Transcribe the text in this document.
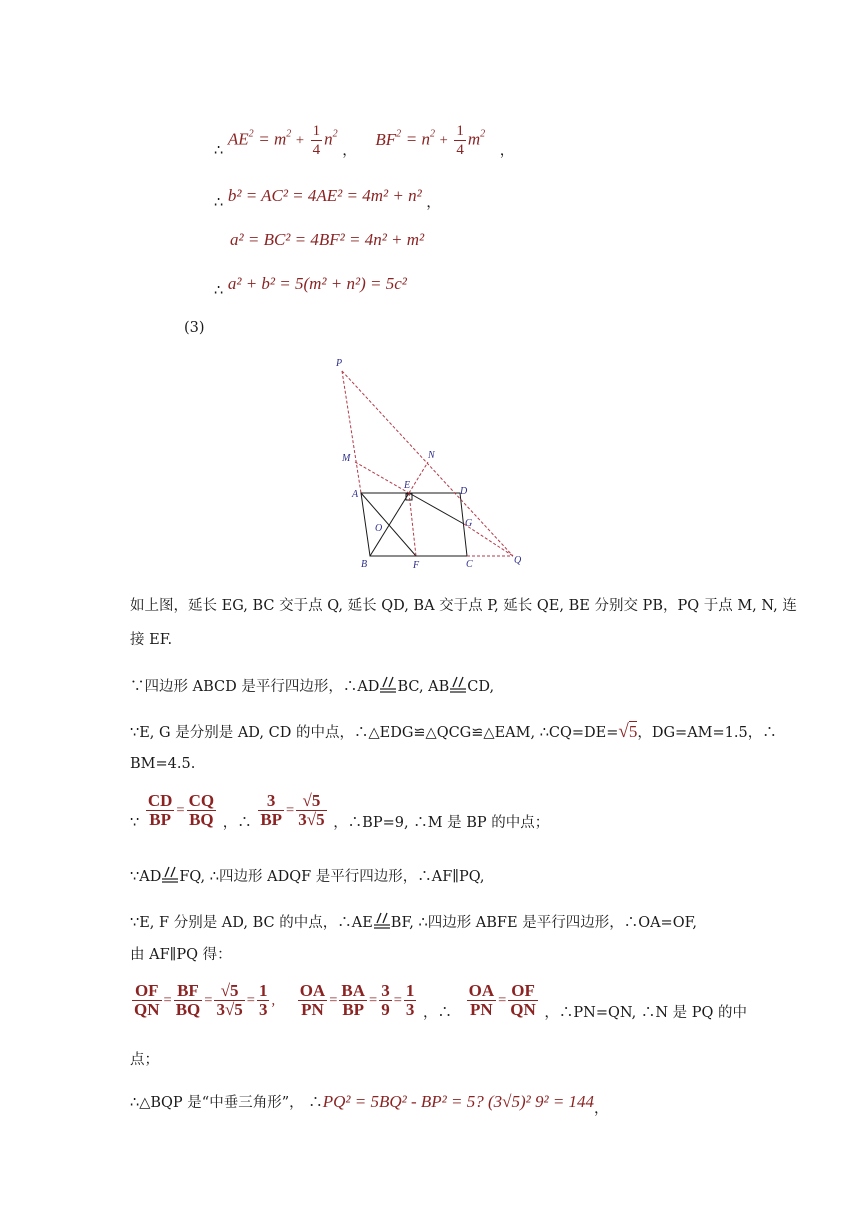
∴ $AE^2 = m^2 + \frac{1}{4} n^2$ ， $BF^2 = n^2 + \frac{1}{4} m^2$ ，
∴ b² = AC² = 4AE² = 4m² + n² ，
a² = BC² = 4BF² = 4n² + m²
∴ a² + b² = 5(m² + n²) = 5c²
(3)
P
M	N
A
E
D
O	G
B	F	C	Q
如上图，延长 EG, BC 交于点 Q, 延长 QD, BA 交于点 P, 延长 QE, BE 分别交 PB，PQ 于点 M, N, 连
接 EF.
∵四边形 ABCD 是平行四边形，∴AD BC, AB CD,
∵E, G 是分别是 AD, CD 的中点，∴△EDG≌△QCG≌△EAM, ∴CQ=DE=√5，DG=AM=1.5，∴
BM=4.5.
∵ $\frac{CD}{BP} = \frac{CQ}{BQ}$ ，∴ $\frac{3}{BP} = \frac{√5}{3√5}$ ，∴BP=9, ∴M 是 BP 的中点；
∵AD FQ, ∴四边形 ADQF 是平行四边形，∴AF∥PQ,
∵E, F 分别是 AD, BC 的中点，∴AE BF, ∴四边形 ABFE 是平行四边形，∴OA=OF,
由 AF∥PQ 得：
$\frac{OF}{QN} = \frac{BF}{BQ} = \frac{√5}{3√5} = \frac{1}{3}$ , $\frac{OA}{PN} = \frac{BA}{BP} = \frac{3}{9} = \frac{1}{3}$ ，∴ $\frac{OA}{PN} = \frac{OF}{QN}$ ，∴PN=QN, ∴N 是 PQ 的中
点；
∴△BQP 是“中垂三角形”， ∴PQ² = 5BQ² - BP² = 5? (3√5)² 9² = 144，
